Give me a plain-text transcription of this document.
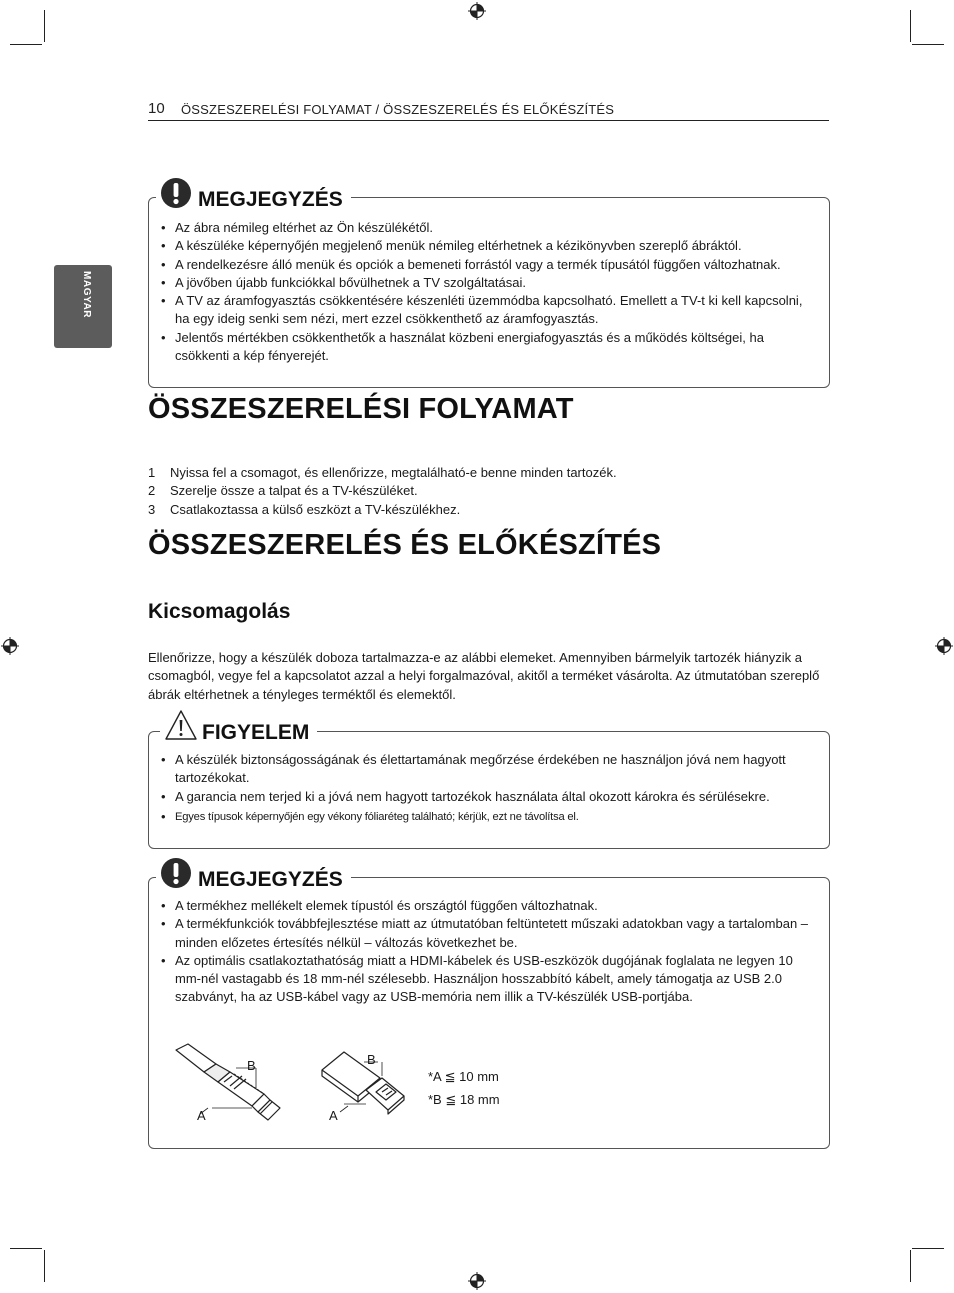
10 ÖSSZESZERELÉSI FOLYAMAT / ÖSSZESZERELÉS ÉS ELŐKÉSZÍTÉS
MAGYAR
• Az ábra némileg eltérhet az Ön készülékétől.
• A készüléke képernyőjén megjelenő menük némileg eltérhetnek a kézikönyvben szereplő ábráktól.
• A rendelkezésre álló menük és opciók a bemeneti forrástól vagy a termék típusától függően változhatnak.
• A jövőben újabb funkciókkal bővülhetnek a TV szolgáltatásai.
• A TV az áramfogyasztás csökkentésére készenléti üzemmódba kapcsolható. Emellett a TV-t ki kell kapcsolni, ha egy ideig senki sem nézi, mert ezzel csökkenthető az áramfogyasztás.
• Jelentős mértékben csökkenthetők a használat közbeni energiafogyasztás és a működés költségei, ha csökkenti a kép fényerejét.
MEGJEGYZÉS
ÖSSZESZERELÉSI FOLYAMAT
1	Nyissa fel a csomagot, és ellenőrizze, megtalálható-e benne minden tartozék.
2	Szerelje össze a talpat és a TV-készüléket.
3	Csatlakoztassa a külső eszközt a TV-készülékhez.
ÖSSZESZERELÉS ÉS ELŐKÉSZÍTÉS
Kicsomagolás
Ellenőrizze, hogy a készülék doboza tartalmazza-e az alábbi elemeket. Amennyiben bármelyik tartozék hiányzik a csomagból, vegye fel a kapcsolatot azzal a helyi forgalmazóval, akitől a terméket vásárolta. Az útmutatóban szereplő ábrák eltérhetnek a tényleges terméktől és elemektől.
• A készülék biztonságosságának és élettartamának megőrzése érdekében ne használjon jóvá nem hagyott tartozékokat.
• A garancia nem terjed ki a jóvá nem hagyott tartozékok használata által okozott károkra és sérülésekre.
• Egyes típusok képernyőjén egy vékony fóliaréteg található; kérjük, ezt ne távolítsa el.
FIGYELEM
• A termékhez mellékelt elemek típustól és országtól függően változhatnak.
• A termékfunkciók továbbfejlesztése miatt az útmutatóban feltüntetett műszaki adatokban vagy a tartalomban – minden előzetes értesítés nélkül – változás következhet be.
• Az optimális csatlakoztathatóság miatt a HDMI-kábelek és USB-eszközök dugójának foglalata ne legyen 10 mm-nél vastagabb és 18 mm-nél szélesebb. Használjon hosszabbító kábelt, amely támogatja az USB 2.0 szabványt, ha az USB-kábel vagy az USB-memória nem illik a TV-készülék USB-portjába.
MEGJEGYZÉS
B
A
B
A
*A ≦ 10 mm
*B ≦ 18 mm
